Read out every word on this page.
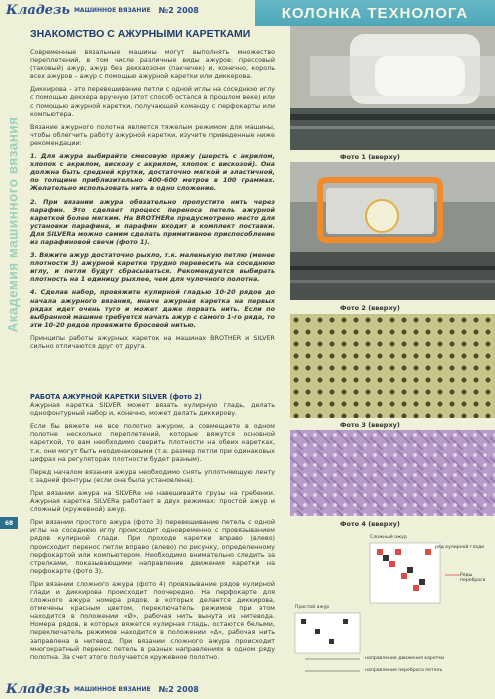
Кладезь МАШИННОЕ ВЯЗАНИЕ №2 2008	КОЛОНКА ТЕХНОЛОГА
Академия машинного вязания
ЗНАКОМСТВО С АЖУРНЫМИ КАРЕТКАМИ

Современные вязальные машины могут выполнять множество переплетений, в том числе различные виды ажуров: прессовый (таковый) ажур, ажур без декхаозони (пакчечек) и, конечно, король всех ажуров – ажур с помощью ажурной каретки или диккерова.

Диккирова – это перевешивание петли с одной иглы на соседнюю иглу с помощью декхера вручную (этот способ остался в прошлом веке) или с помощью ажурной каретки, получающей команду с перфокарты или компьютера.

Вязание ажурного полотна является тяжелым режимом для машины, чтобы облегчить работу ажурной каретки, изучите приведенные ниже рекомендации:

1. Для ажура выбирайте смесовую пряжу (шерсть с акрилом, хлопок с акрилом, вискозу с акрилом, хлопок с вискозой). Она должна быть средней крутки, достаточно мягкой и эластичной, по толщине приблизительно 400-600 метров в 100 граммах. Желательно использовать нить в одно сложение.

2. При вязании ажура обязательно пропустите нить через парафин. Это сделает процесс переноса петель ажурной кареткой более мягким. На BROTHERе предусмотрено место для установки парафина, и парафин входит в комплект поставки. Для SILVERа можно самим сделать примитивное приспособление из парафиновой свечи (фото 1).

3. Вяжите ажур достаточно рыхло, т.к. маленькую петлю (менее плотности 3) ажурной каретке трудно перевесить на соседнюю иглу, и петли будут сбрасываться. Рекомендуется выбирать плотность на 1 единицу рыхлее, чем для чулочного полотна.

4. Сделав набор, провяжите кулирной гладью 10-20 рядов до начала ажурного вязания, иначе ажурная каретка на первых рядах идет очень туго и может даже порвать нить. Если по выбранной машине требуется начать ажур с самого 1-го ряда, то эти 10-20 рядов провяжите бросовой нитью.

Принципы работы ажурных кареток на машинах BROTHER и SILVER сильно отличаются друг от друга.

РАБОТА АЖУРНОЙ КАРЕТКИ SILVER (фото 2)

Ажурная каретка SILVER может вязать кулирную гладь, делать однофонтурный набор и, конечно, может делать диккирову.

Если бы вяжете не все полотно ажуром, а совмещаете в одном полотне несколько переплетений, которые вяжутся основной кареткой, то вам необходимо сверить плотности на обеих каретках, т.к. они могут быть неодинаковыми (т.е. размер петли при одинаковых цифрах на регуляторах плотности будет разным).

Перед началом вязания ажура необходимо снять уплотняющую ленту с задней фонтуры (если она была установлена).

При вязании ажура на SILVERе не навешивайте грузы на гребенки. Ажурная каретка SILVERа работает в двух режимах: простой ажур и сложный (кружевной) ажур.

При вязании простого ажура (фото 3) перевешивание петель с одной иглы на соседнюю иглу происходит одновременно с провязыванием рядов кулирной глади. При проходе каретки вправо (влево) происходит перенос петли вправо (влево) по рисунку, определенному перфокартой или компьютером. Необходимо внимательно следить за стрелками, показывающими направление движения каретки на перфокарте (фото 3).

При вязании сложного ажура (фото 4) провязывание рядов кулирной глади и диккирова происходит поочередно. На перфокарте для сложного ажура номера рядов, в которых делается диккирова, отмечены красным цветом, переключатель режимов при этом находится в положении «Ø», рабочая нить вынута из нитевода. Номера рядов, в которых вяжется кулирная гладь, остаются белыми, переключатель режимов находится в положении «Δ», рабочая нить заправлена в нитевод. При вязании сложного ажура происходит многократный перенос петель в разных направлениях в одном ряду полотна. За счет этого получается кружевное полотно.

Фото 1 (вверху)
Фото 2 (вверху)
Фото 3 (вверху)
Фото 4 (вверху)
Сложный ажур
ряд кулирной глади
Ряды переброса
Простой ажур
направление движения каретки
направление переброса петель
68
Кладезь МАШИННОЕ ВЯЗАНИЕ №2 2008
